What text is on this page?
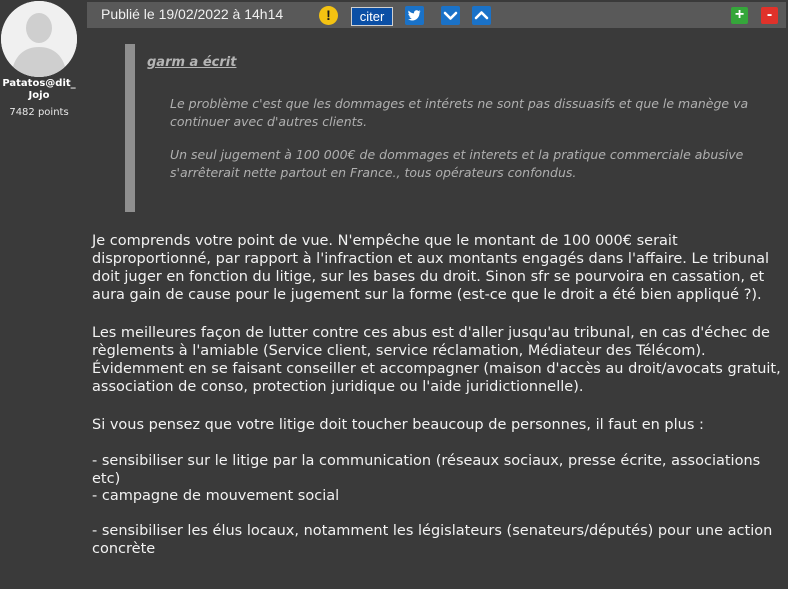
Patatos@dit_ Jojo
7482 points
Publié le 19/02/2022 à 14h14	!	citer	+	-
garm a écrit
Le problème c'est que les dommages et intérets ne sont pas dissuasifs et que le manège va continuer avec d'autres clients.
Un seul jugement à 100 000€ de dommages et interets et la pratique commerciale abusive s'arrêterait nette partout en France., tous opérateurs confondus.
Je comprends votre point de vue. N'empêche que le montant de 100 000€ serait disproportionné, par rapport à l'infraction et aux montants engagés dans l'affaire. Le tribunal doit juger en fonction du litige, sur les bases du droit. Sinon sfr se pourvoira en cassation, et aura gain de cause pour le jugement sur la forme (est-ce que le droit a été bien appliqué ?).
Les meilleures façon de lutter contre ces abus est d'aller jusqu'au tribunal, en cas d'échec de règlements à l'amiable (Service client, service réclamation, Médiateur des Télécom). Évidemment en se faisant conseiller et accompagner (maison d'accès au droit/avocats gratuit, association de conso, protection juridique ou l'aide juridictionnelle).
Si vous pensez que votre litige doit toucher beaucoup de personnes, il faut en plus :
- sensibiliser sur le litige par la communication (réseaux sociaux, presse écrite, associations etc)
- campagne de mouvement social
- sensibiliser les élus locaux, notamment les législateurs (senateurs/députés) pour une action concrète
